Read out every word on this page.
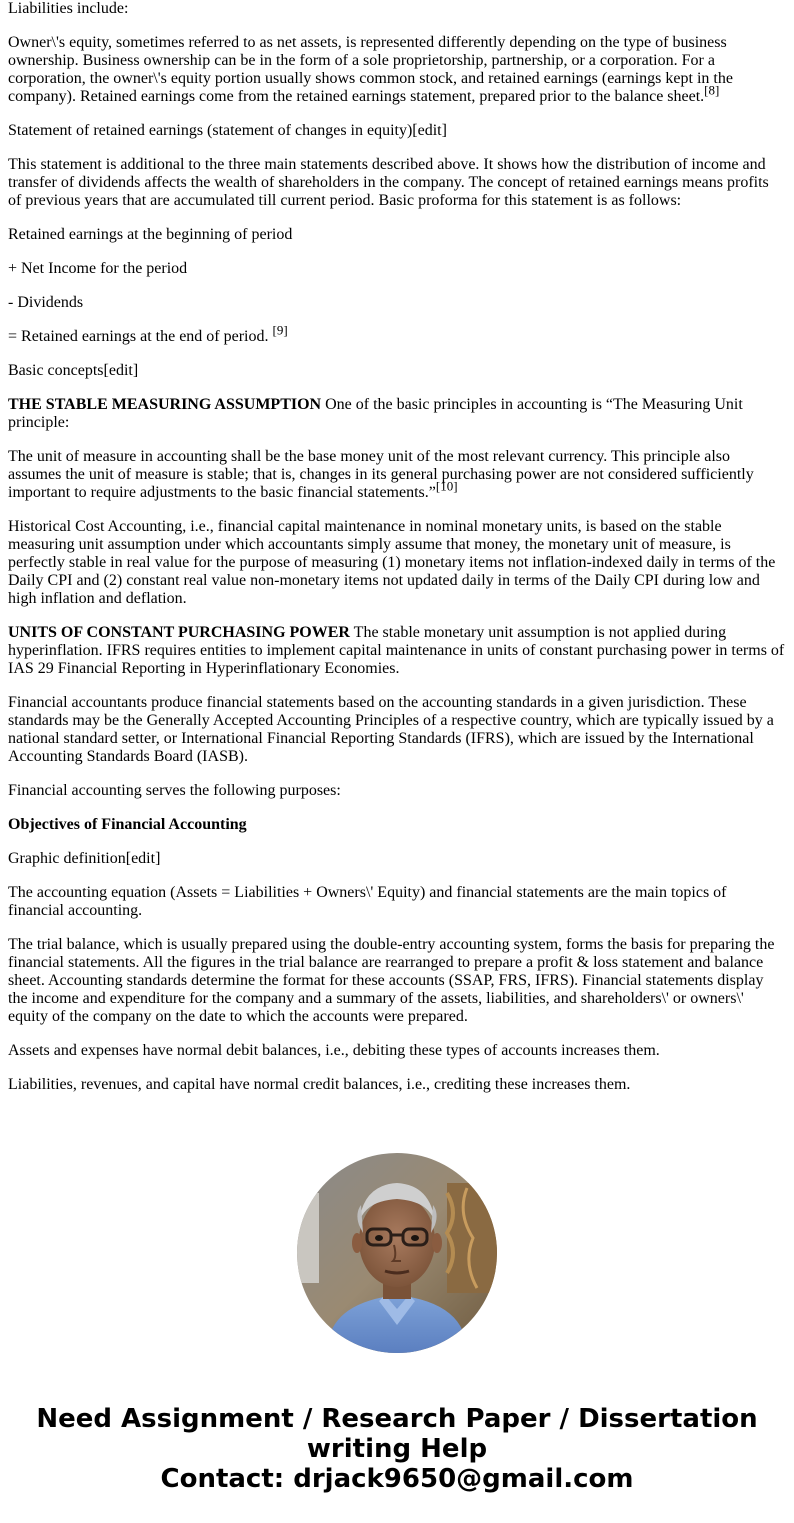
Liabilities include:

Owner\'s equity, sometimes referred to as net assets, is represented differently depending on the type of business ownership. Business ownership can be in the form of a sole proprietorship, partnership, or a corporation. For a corporation, the owner\'s equity portion usually shows common stock, and retained earnings (earnings kept in the company). Retained earnings come from the retained earnings statement, prepared prior to the balance sheet.[8]

Statement of retained earnings (statement of changes in equity)[edit]

This statement is additional to the three main statements described above. It shows how the distribution of income and transfer of dividends affects the wealth of shareholders in the company. The concept of retained earnings means profits of previous years that are accumulated till current period. Basic proforma for this statement is as follows:

Retained earnings at the beginning of period

+ Net Income for the period

- Dividends

= Retained earnings at the end of period. [9]

Basic concepts[edit]

THE STABLE MEASURING ASSUMPTION One of the basic principles in accounting is “The Measuring Unit principle:

The unit of measure in accounting shall be the base money unit of the most relevant currency. This principle also assumes the unit of measure is stable; that is, changes in its general purchasing power are not considered sufficiently important to require adjustments to the basic financial statements.”[10]

Historical Cost Accounting, i.e., financial capital maintenance in nominal monetary units, is based on the stable measuring unit assumption under which accountants simply assume that money, the monetary unit of measure, is perfectly stable in real value for the purpose of measuring (1) monetary items not inflation-indexed daily in terms of the Daily CPI and (2) constant real value non-monetary items not updated daily in terms of the Daily CPI during low and high inflation and deflation.

UNITS OF CONSTANT PURCHASING POWER The stable monetary unit assumption is not applied during hyperinflation. IFRS requires entities to implement capital maintenance in units of constant purchasing power in terms of IAS 29 Financial Reporting in Hyperinflationary Economies.

Financial accountants produce financial statements based on the accounting standards in a given jurisdiction. These standards may be the Generally Accepted Accounting Principles of a respective country, which are typically issued by a national standard setter, or International Financial Reporting Standards (IFRS), which are issued by the International Accounting Standards Board (IASB).

Financial accounting serves the following purposes:

Objectives of Financial Accounting

Graphic definition[edit]

The accounting equation (Assets = Liabilities + Owners\' Equity) and financial statements are the main topics of financial accounting.

The trial balance, which is usually prepared using the double-entry accounting system, forms the basis for preparing the financial statements. All the figures in the trial balance are rearranged to prepare a profit & loss statement and balance sheet. Accounting standards determine the format for these accounts (SSAP, FRS, IFRS). Financial statements display the income and expenditure for the company and a summary of the assets, liabilities, and shareholders\' or owners\' equity of the company on the date to which the accounts were prepared.

Assets and expenses have normal debit balances, i.e., debiting these types of accounts increases them.

Liabilities, revenues, and capital have normal credit balances, i.e., crediting these increases them.

Need Assignment / Research Paper / Dissertation
writing Help
Contact: drjack9650@gmail.com
